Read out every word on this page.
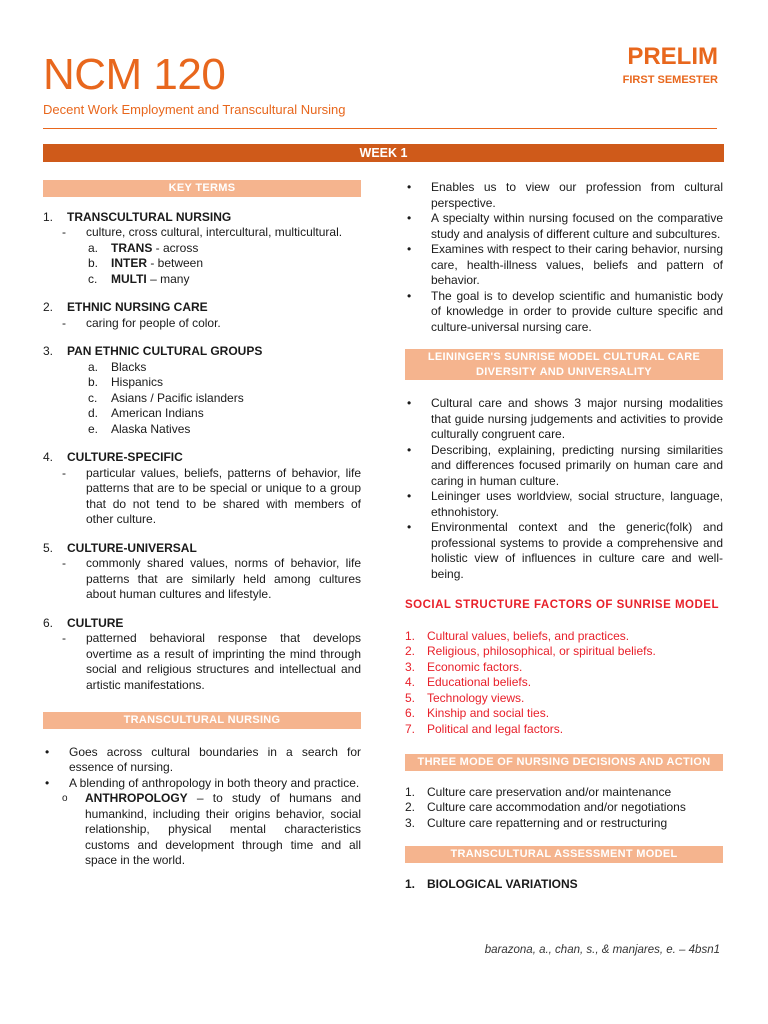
NCM 120
Decent Work Employment and Transcultural Nursing
PRELIM
FIRST SEMESTER
WEEK 1
KEY TERMS
1.	TRANSCULTURAL NURSING
-	culture, cross cultural, intercultural, multicultural.
a.	TRANS - across
b.	INTER - between
c.	MULTI – many
2.	ETHNIC NURSING CARE
-	caring for people of color.
3.	PAN ETHNIC CULTURAL GROUPS
a.	Blacks
b.	Hispanics
c.	Asians / Pacific islanders
d.	American Indians
e.	Alaska Natives
4.	CULTURE-SPECIFIC
-	particular values, beliefs, patterns of behavior, life patterns that are to be special or unique to a group that do not tend to be shared with members of other culture.
5.	CULTURE-UNIVERSAL
-	commonly shared values, norms of behavior, life patterns that are similarly held among cultures about human cultures and lifestyle.
6.	CULTURE
-	patterned behavioral response that develops overtime as a result of imprinting the mind through social and religious structures and intellectual and artistic manifestations.
TRANSCULTURAL NURSING
•	Goes across cultural boundaries in a search for essence of nursing.
•	A blending of anthropology in both theory and practice.
o	ANTHROPOLOGY – to study of humans and humankind, including their origins behavior, social relationship, physical mental characteristics customs and development through time and all space in the world.
•	Enables us to view our profession from cultural perspective.
•	A specialty within nursing focused on the comparative study and analysis of different culture and subcultures.
•	Examines with respect to their caring behavior, nursing care, health-illness values, beliefs and pattern of behavior.
•	The goal is to develop scientific and humanistic body of knowledge in order to provide culture specific and culture-universal nursing care.
LEININGER'S SUNRISE MODEL CULTURAL CARE DIVERSITY AND UNIVERSALITY
•	Cultural care and shows 3 major nursing modalities that guide nursing judgements and activities to provide culturally congruent care.
•	Describing, explaining, predicting nursing similarities and differences focused primarily on human care and caring in human culture.
•	Leininger uses worldview, social structure, language, ethnohistory.
•	Environmental context and the generic(folk) and professional systems to provide a comprehensive and holistic view of influences in culture care and well-being.
SOCIAL STRUCTURE FACTORS OF SUNRISE MODEL
1. Cultural values, beliefs, and practices.
2. Religious, philosophical, or spiritual beliefs.
3. Economic factors.
4. Educational beliefs.
5. Technology views.
6. Kinship and social ties.
7. Political and legal factors.
THREE MODE OF NURSING DECISIONS AND ACTION
1. Culture care preservation and/or maintenance
2. Culture care accommodation and/or negotiations
3. Culture care repatterning and or restructuring
TRANSCULTURAL ASSESSMENT MODEL
1. BIOLOGICAL VARIATIONS
barazona, a., chan, s., & manjares, e. – 4bsn1
